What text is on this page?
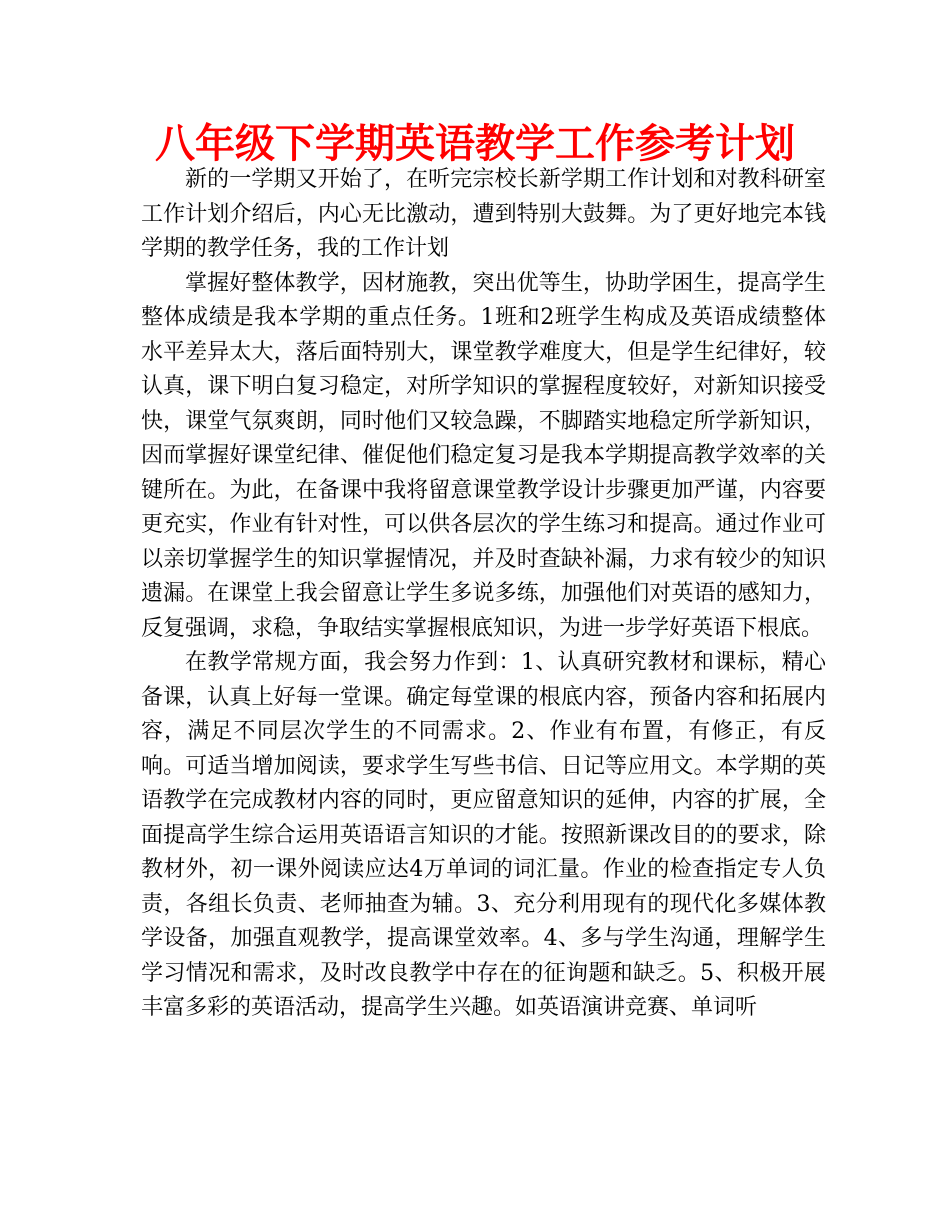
八年级下学期英语教学工作参考计划

新的一学期又开始了，在听完宗校长新学期工作计划和对教科研室工作计划介绍后，内心无比激动，遭到特别大鼓舞。为了更好地完本钱学期的教学任务，我的工作计划

掌握好整体教学，因材施教，突出优等生，协助学困生，提高学生整体成绩是我本学期的重点任务。1班和2班学生构成及英语成绩整体水平差异太大，落后面特别大，课堂教学难度大，但是学生纪律好，较认真，课下明白复习稳定，对所学知识的掌握程度较好，对新知识接受快，课堂气氛爽朗，同时他们又较急躁，不脚踏实地稳定所学新知识，因而掌握好课堂纪律、催促他们稳定复习是我本学期提高教学效率的关键所在。为此，在备课中我将留意课堂教学设计步骤更加严谨，内容要更充实，作业有针对性，可以供各层次的学生练习和提高。通过作业可以亲切掌握学生的知识掌握情况，并及时查缺补漏，力求有较少的知识遗漏。在课堂上我会留意让学生多说多练，加强他们对英语的感知力，反复强调，求稳，争取结实掌握根底知识，为进一步学好英语下根底。

在教学常规方面，我会努力作到：1、认真研究教材和课标，精心备课，认真上好每一堂课。确定每堂课的根底内容，预备内容和拓展内容，满足不同层次学生的不同需求。2、作业有布置，有修正，有反响。可适当增加阅读，要求学生写些书信、日记等应用文。本学期的英语教学在完成教材内容的同时，更应留意知识的延伸，内容的扩展，全面提高学生综合运用英语语言知识的才能。按照新课改目的的要求，除教材外，初一课外阅读应达4万单词的词汇量。作业的检查指定专人负责，各组长负责、老师抽查为辅。3、充分利用现有的现代化多媒体教学设备，加强直观教学，提高课堂效率。4、多与学生沟通，理解学生学习情况和需求，及时改良教学中存在的征询题和缺乏。5、积极开展丰富多彩的英语活动，提高学生兴趣。如英语演讲竞赛、单词听
